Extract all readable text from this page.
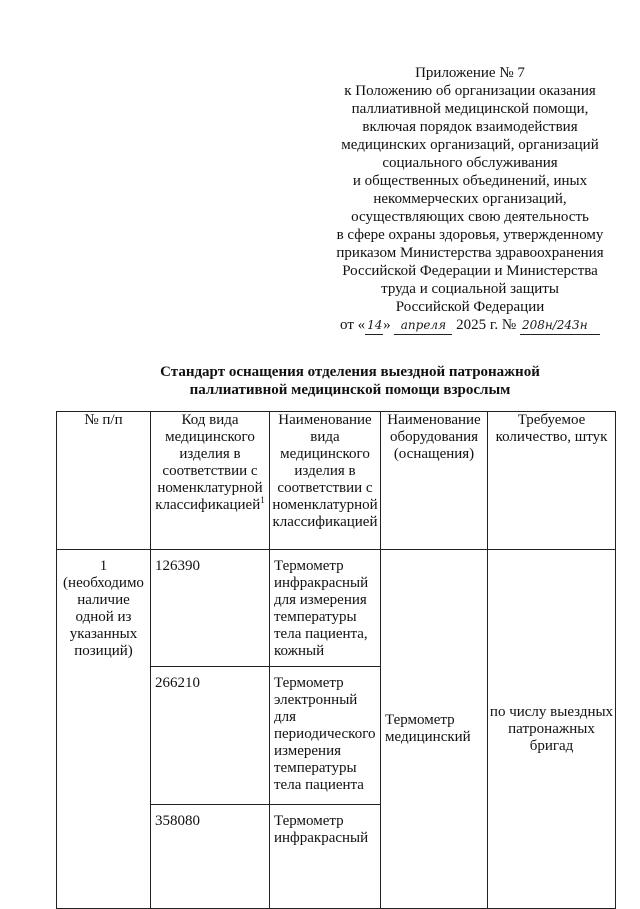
Приложение № 7
к Положению об организации оказания
паллиативной медицинской помощи,
включая порядок взаимодействия
медицинских организаций, организаций
социального обслуживания
и общественных объединений, иных
некоммерческих организаций,
осуществляющих свою деятельность
в сфере охраны здоровья, утвержденному
приказом Министерства здравоохранения
Российской Федерации и Министерства
труда и социальной защиты
Российской Федерации
от « 14» апреля 2025 г. № 208н/243н
Стандарт оснащения отделения выездной патронажной
паллиативной медицинской помощи взрослым
№ п/п	Код вида медицинского изделия в соответствии с номенклатурной классификацией$^1$	Наименование вида медицинского изделия в соответствии с номенклатурной классификацией	Наименование оборудования (оснащения)	Требуемое количество, штук

1
(необходимо наличие одной из указанных позиций)	126390	Термометр инфракрасный для измерения температуры тела пациента, кожный	Термометр медицинский	по числу выездных патронажных бригад
	266210	Термометр электронный для периодического измерения температуры тела пациента		
	358080	Термометр инфракрасный		
